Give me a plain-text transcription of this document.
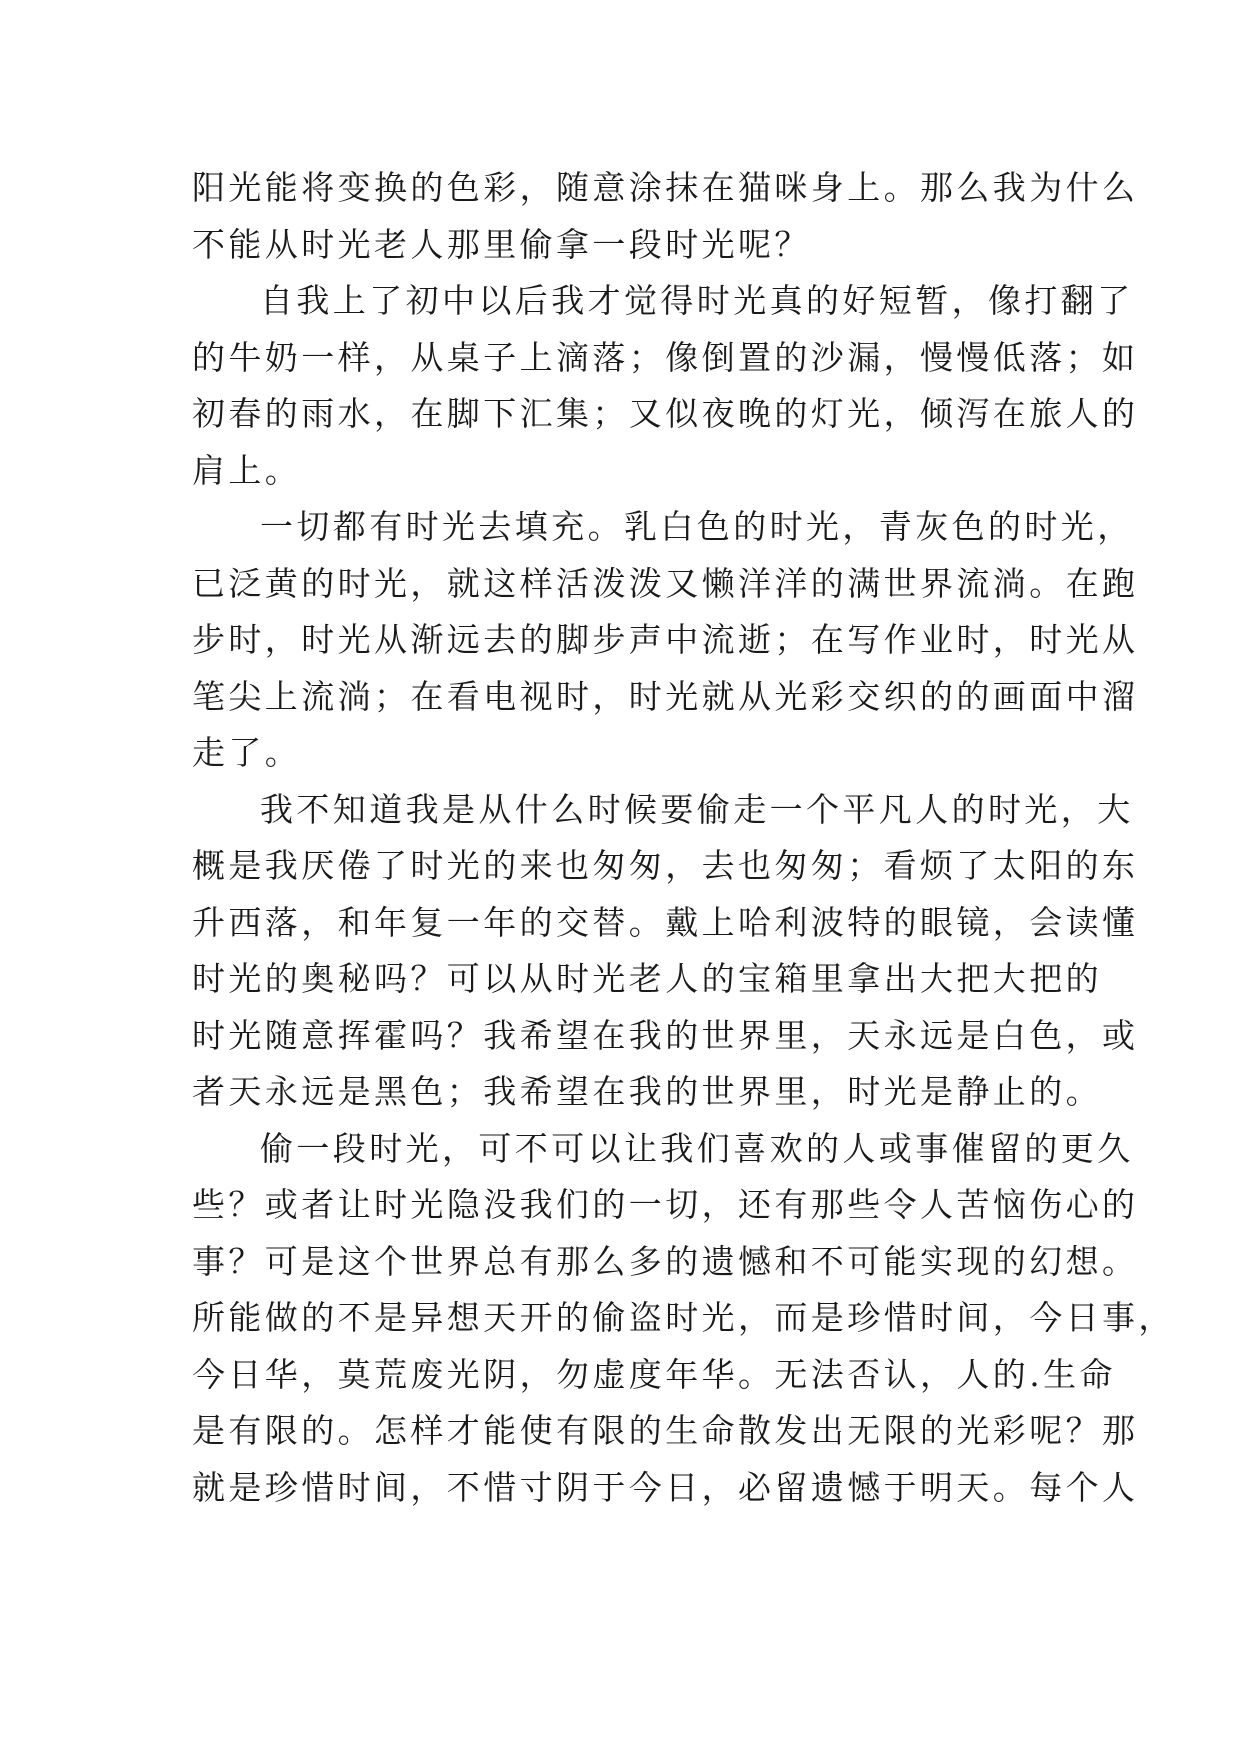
阳光能将变换的色彩，随意涂抹在猫咪身上。那么我为什么
不能从时光老人那里偷拿一段时光呢？
自我上了初中以后我才觉得时光真的好短暂，像打翻了
的牛奶一样，从桌子上滴落；像倒置的沙漏，慢慢低落；如
初春的雨水，在脚下汇集；又似夜晚的灯光，倾泻在旅人的
肩上。
一切都有时光去填充。乳白色的时光，青灰色的时光，
已泛黄的时光，就这样活泼泼又懒洋洋的满世界流淌。在跑
步时，时光从渐远去的脚步声中流逝；在写作业时，时光从
笔尖上流淌；在看电视时，时光就从光彩交织的的画面中溜
走了。
我不知道我是从什么时候要偷走一个平凡人的时光，大
概是我厌倦了时光的来也匆匆，去也匆匆；看烦了太阳的东
升西落，和年复一年的交替。戴上哈利波特的眼镜，会读懂
时光的奥秘吗？可以从时光老人的宝箱里拿出大把大把的
时光随意挥霍吗？我希望在我的世界里，天永远是白色，或
者天永远是黑色；我希望在我的世界里，时光是静止的。
偷一段时光，可不可以让我们喜欢的人或事催留的更久
些？或者让时光隐没我们的一切，还有那些令人苦恼伤心的
事？可是这个世界总有那么多的遗憾和不可能实现的幻想。
所能做的不是异想天开的偷盗时光，而是珍惜时间，今日事，
今日华，莫荒废光阴，勿虚度年华。无法否认，人的.生命
是有限的。怎样才能使有限的生命散发出无限的光彩呢？那
就是珍惜时间，不惜寸阴于今日，必留遗憾于明天。每个人
